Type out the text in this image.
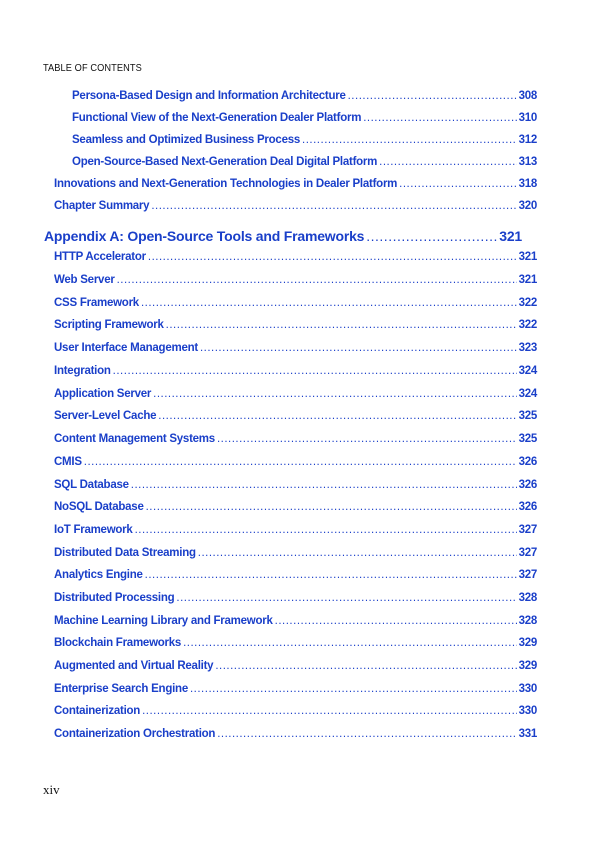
TABLE OF CONTENTS
Persona-Based Design and Information Architecture .....	308
Functional View of the Next-Generation Dealer Platform .....	310
Seamless and Optimized Business Process .....	312
Open-Source-Based Next-Generation Deal Digital Platform .....	313
Innovations and Next-Generation Technologies in Dealer Platform .....	318
Chapter Summary .....	320
Appendix A: Open-Source Tools and Frameworks .....	321
HTTP Accelerator .....	321
Web Server .....	321
CSS Framework .....	322
Scripting Framework .....	322
User Interface Management .....	323
Integration .....	324
Application Server .....	324
Server-Level Cache .....	325
Content Management Systems .....	325
CMIS .....	326
SQL Database .....	326
NoSQL Database .....	326
IoT Framework .....	327
Distributed Data Streaming .....	327
Analytics Engine .....	327
Distributed Processing .....	328
Machine Learning Library and Framework .....	328
Blockchain Frameworks .....	329
Augmented and Virtual Reality .....	329
Enterprise Search Engine .....	330
Containerization .....	330
Containerization Orchestration .....	331
xiv
